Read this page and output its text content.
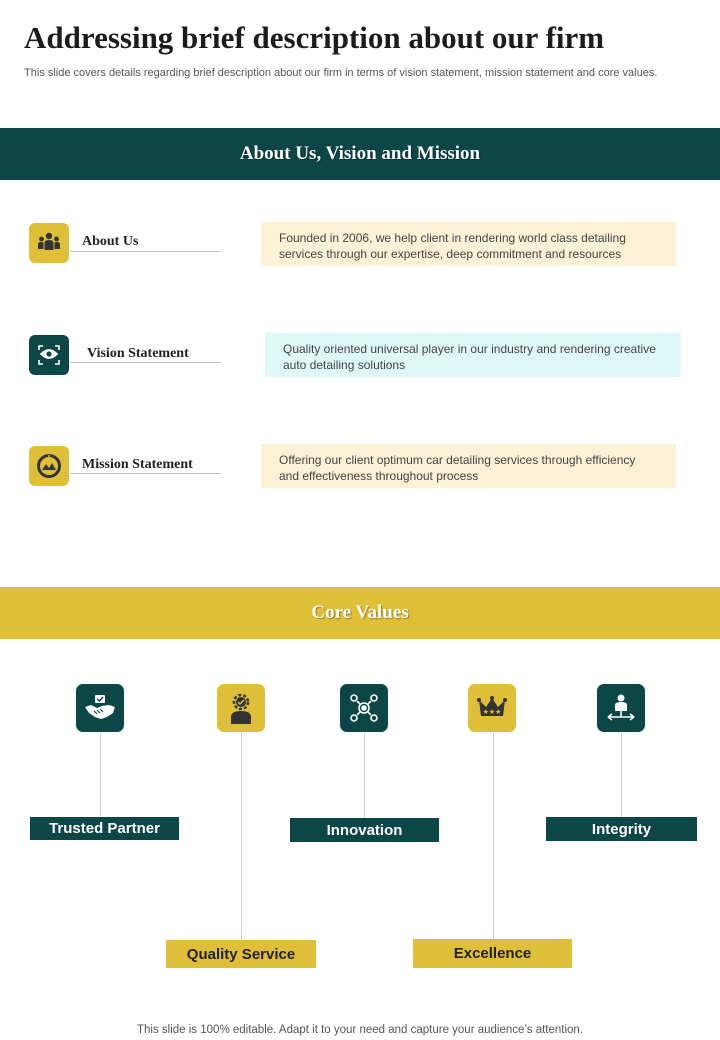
Addressing brief description about our firm
This slide covers details regarding brief description about our firm in terms of vision statement, mission statement and core values.
About Us, Vision and Mission
About Us	Founded in 2006, we help client in rendering world class detailing services through our expertise, deep commitment and resources
Vision Statement	Quality oriented universal player in our industry and rendering creative auto detailing solutions
Mission Statement	Offering our client optimum car detailing services through efficiency and effectiveness throughout process
Core Values
Trusted Partner
Quality Service
Innovation
★★★
Excellence
Integrity
This slide is 100% editable. Adapt it to your need and capture your audience’s attention.
